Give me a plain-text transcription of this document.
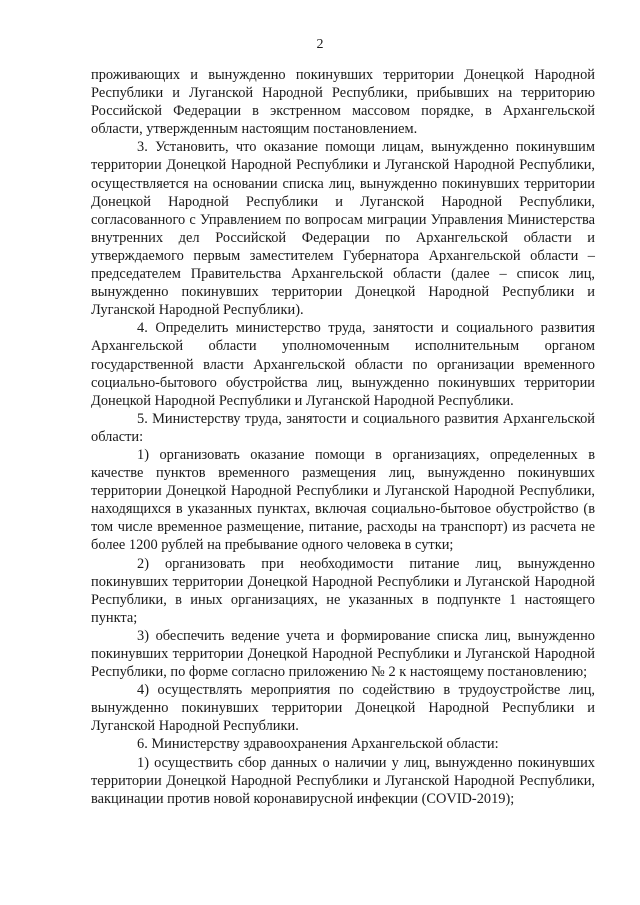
2

проживающих и вынужденно покинувших территории Донецкой Народной Республики и Луганской Народной Республики, прибывших на территорию Российской Федерации в экстренном массовом порядке, в Архангельской области, утвержденным настоящим постановлением.

3. Установить, что оказание помощи лицам, вынужденно покинувшим территории Донецкой Народной Республики и Луганской Народной Республики, осуществляется на основании списка лиц, вынужденно покинувших территории Донецкой Народной Республики и Луганской Народной Республики, согласованного с Управлением по вопросам миграции Управления Министерства внутренних дел Российской Федерации по Архангельской области и утверждаемого первым заместителем Губернатора Архангельской области – председателем Правительства Архангельской области (далее – список лиц, вынужденно покинувших территории Донецкой Народной Республики и Луганской Народной Республики).

4. Определить министерство труда, занятости и социального развития Архангельской области уполномоченным исполнительным органом государственной власти Архангельской области по организации временного социально-бытового обустройства лиц, вынужденно покинувших территории Донецкой Народной Республики и Луганской Народной Республики.

5. Министерству труда, занятости и социального развития Архангельской области:

1) организовать оказание помощи в организациях, определенных в качестве пунктов временного размещения лиц, вынужденно покинувших территории Донецкой Народной Республики и Луганской Народной Республики, находящихся в указанных пунктах, включая социально-бытовое обустройство (в том числе временное размещение, питание, расходы на транспорт) из расчета не более 1200 рублей на пребывание одного человека в сутки;

2) организовать при необходимости питание лиц, вынужденно покинувших территории Донецкой Народной Республики и Луганской Народной Республики, в иных организациях, не указанных в подпункте 1 настоящего пункта;

3) обеспечить ведение учета и формирование списка лиц, вынужденно покинувших территории Донецкой Народной Республики и Луганской Народной Республики, по форме согласно приложению № 2 к настоящему постановлению;

4) осуществлять мероприятия по содействию в трудоустройстве лиц, вынужденно покинувших территории Донецкой Народной Республики и Луганской Народной Республики.

6. Министерству здравоохранения Архангельской области:

1) осуществить сбор данных о наличии у лиц, вынужденно покинувших территории Донецкой Народной Республики и Луганской Народной Республики, вакцинации против новой коронавирусной инфекции (COVID-2019);
